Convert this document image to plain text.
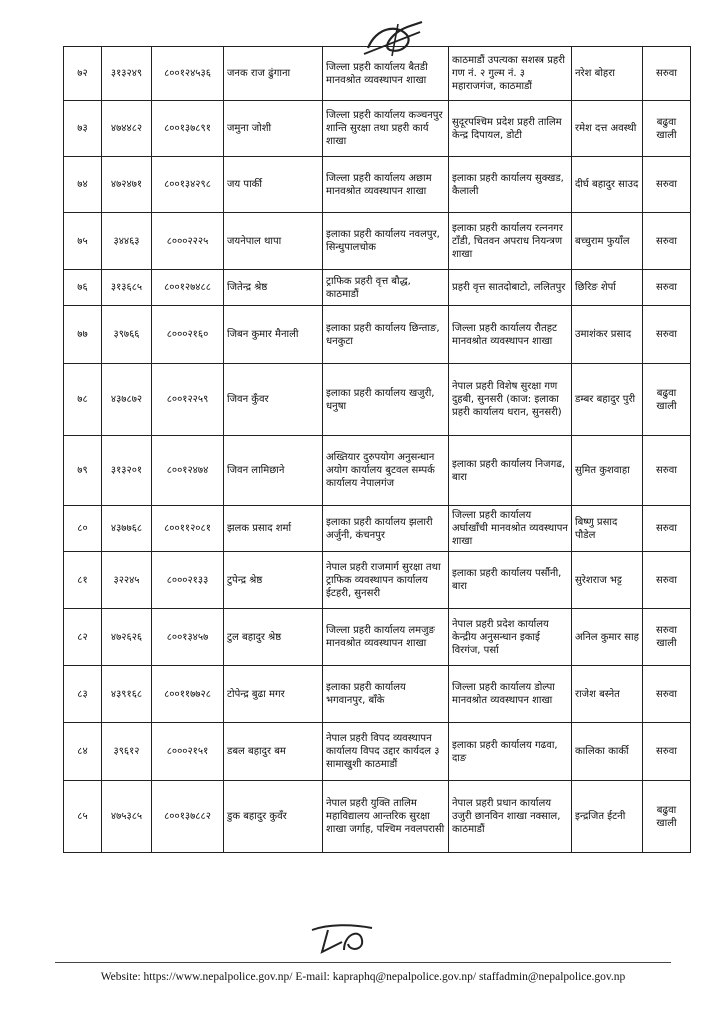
७२	३१३२४९	८००१२४५३६	जनक राज ढुंगाना	जिल्ला प्रहरी कार्यालय बैतडी मानवश्रोत व्यवस्थापन शाखा	काठमाडौं उपत्यका सशस्त्र प्रहरी गण नं. २ गुल्म नं. ३ महाराजगंज, काठमाडौं	नरेश बोहरा	सरुवा
७३	४७४४८२	८००१३७८९१	जमुना जोशी	जिल्ला प्रहरी कार्यालय कञ्चनपुर शान्ति सुरक्षा तथा प्रहरी कार्य शाखा	सुदूरपश्चिम प्रदेश प्रहरी तालिम केन्द्र दिपायल, डोटी	रमेश दत्त अवस्थी	बढुवा खाली
७४	४७२४७१	८००१३४२९८	जय पार्की	जिल्ला प्रहरी कार्यालय अछाम मानवश्रोत व्यवस्थापन शाखा	इलाका प्रहरी कार्यालय सुक्खड, कैलाली	दीर्घ बहादुर साउद	सरुवा
७५	३४४६३	८०००२२२५	जयनेपाल थापा	इलाका प्रहरी कार्यालय नवलपुर, सिन्धुपालचोक	इलाका प्रहरी कार्यालय रत्ननगर टाँडी, चितवन अपराध नियन्त्रण शाखा	बच्चुराम फुयाँल	सरुवा
७६	३१३६८५	८००१२७४८८	जितेन्द्र श्रेष्ठ	ट्राफिक प्रहरी वृत्त बौद्ध, काठमाडौं	प्रहरी वृत्त सातदोबाटो, ललितपुर	छिरिङ शेर्पा	सरुवा
७७	३९७६६	८०००२१६०	जिबन कुमार मैनाली	इलाका प्रहरी कार्यालय छिन्ताङ, धनकुटा	जिल्ला प्रहरी कार्यालय रौतहट मानवश्रोत व्यवस्थापन शाखा	उमाशंकर प्रसाद	सरुवा
७८	४३७८७२	८००१२२५९	जिवन कुँवर	इलाका प्रहरी कार्यालय खजुरी, धनुषा	नेपाल प्रहरी विशेष सुरक्षा गण दुहबी, सुनसरी (काज: इलाका प्रहरी कार्यालय धरान, सुनसरी)	डम्बर बहादुर पुरी	बढुवा खाली
७९	३१३२०१	८००१२४७४	जिवन लामिछाने	अख्तियार दुरुपयोग अनुसन्धान अयोग कार्यालय बुटवल सम्पर्क कार्यालय नेपालगंज	इलाका प्रहरी कार्यालय निजगढ, बारा	सुमित कुशवाहा	सरुवा
८०	४३७७६८	८००११२०८१	झलक प्रसाद शर्मा	इलाका प्रहरी कार्यालय झलारी अर्जुनी, कंचनपुर	जिल्ला प्रहरी कार्यालय अर्घाखाँची मानवश्रोत व्यवस्थापन शाखा	बिष्णु प्रसाद पौडेल	सरुवा
८१	३२२४५	८०००२१३३	टुपेन्द्र श्रेष्ठ	नेपाल प्रहरी राजमार्ग सुरक्षा तथा ट्राफिक व्यवस्थापन कार्यालय ईटहरी, सुनसरी	इलाका प्रहरी कार्यालय पर्सौनी, बारा	सुरेशराज भट्ट	सरुवा
८२	४७२६२६	८००१३४५७	टुल बहादुर श्रेष्ठ	जिल्ला प्रहरी कार्यालय लमजुङ मानवश्रोत व्यवस्थापन शाखा	नेपाल प्रहरी प्रदेश कार्यालय केन्द्रीय अनुसन्धान इकाई विरगंज, पर्सा	अनिल कुमार साह	सरुवा खाली
८३	४३९१६८	८००११७७२८	टोपेन्द्र बुढा मगर	इलाका प्रहरी कार्यालय भगवानपुर, बाँके	जिल्ला प्रहरी कार्यालय डोल्पा मानवश्रोत व्यवस्थापन शाखा	राजेश बस्नेत	सरुवा
८४	३९६१२	८०००२१५१	डबल बहादुर बम	नेपाल प्रहरी विपद व्यवस्थापन कार्यालय विपद उद्दार कार्यदल ३ सामाखुशी काठमाडौं	इलाका प्रहरी कार्यालय गढवा, दाङ	कालिका कार्की	सरुवा
८५	४७५३८५	८००१३७८८२	डुक बहादुर कुवँर	नेपाल प्रहरी युक्ति तालिम महाविद्यालय आन्तरिक सुरक्षा शाखा जर्गाह, पश्चिम नवलपरासी	नेपाल प्रहरी प्रधान कार्यालय उजुरी छानविन शाखा नक्साल, काठमाडौं	इन्द्रजित ईटनी	बढुवा खाली
Website: https://www.nepalpolice.gov.np/ E-mail: kapraphq@nepalpolice.gov.np/ staffadmin@nepalpolice.gov.np
